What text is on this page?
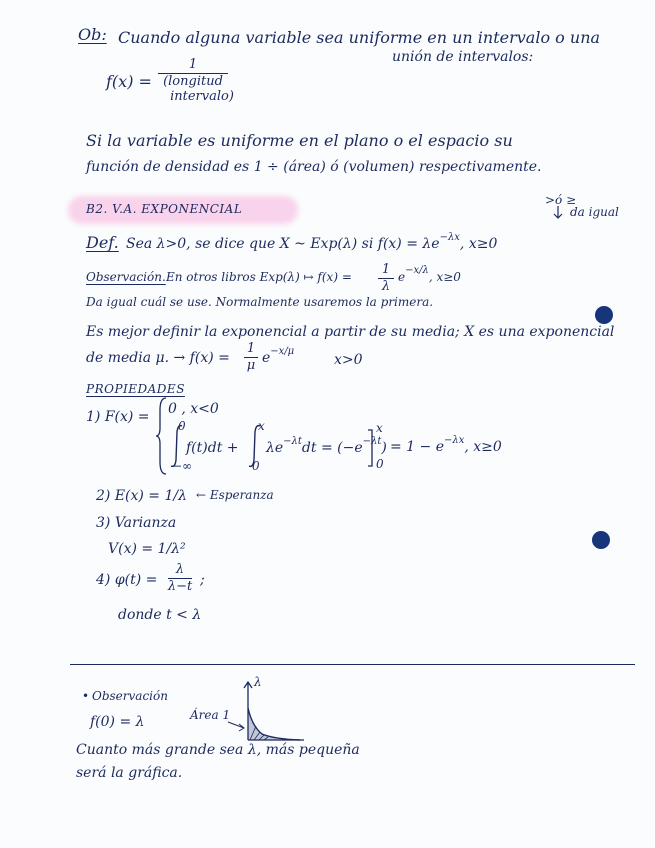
Ob: Cuando alguna variable sea uniforme en un intervalo o una
unión de intervalos:
f(x) =
1
(longitud
intervalo)
Si la variable es uniforme en el plano o el espacio su
función de densidad es 1 ÷ (área) ó (volumen) respectivamente.
B2. V.A. EXPONENCIAL
>ó ≥
da igual
Def. Sea λ>0, se dice que X ~ Exp(λ) si $f(x) = \lambda e^{-\lambda x}$, x≥0
Observación. En otros libros Exp(λ) ↦ f(x) = 1
λ
$e^{-x/\lambda}$, x≥0
Da igual cuál se use. Normalmente usaremos la primera.
Es mejor definir la exponencial a partir de su media; X es una exponencial
de media μ. → f(x) =
1
μ $e^{-x/\mu}$
x>0
PROPIEDADES
1) F(x) = 0 , x<0
0
−∞
f(t)dt +
x
0
$\lambda e^{-\lambda t}dt = (-e^{-\lambda t})$
x
0
= $1 - e^{-\lambda x}$, x≥0
2) E(x) = 1/λ ← Esperanza
3) Varianza
V(x) = 1/λ²
4) φ(t) =
λ
λ−t ;
donde t < λ
• Observación
f(0) = λ	Área 1
λ
Cuanto más grande sea λ, más pequeña
será la gráfica.
